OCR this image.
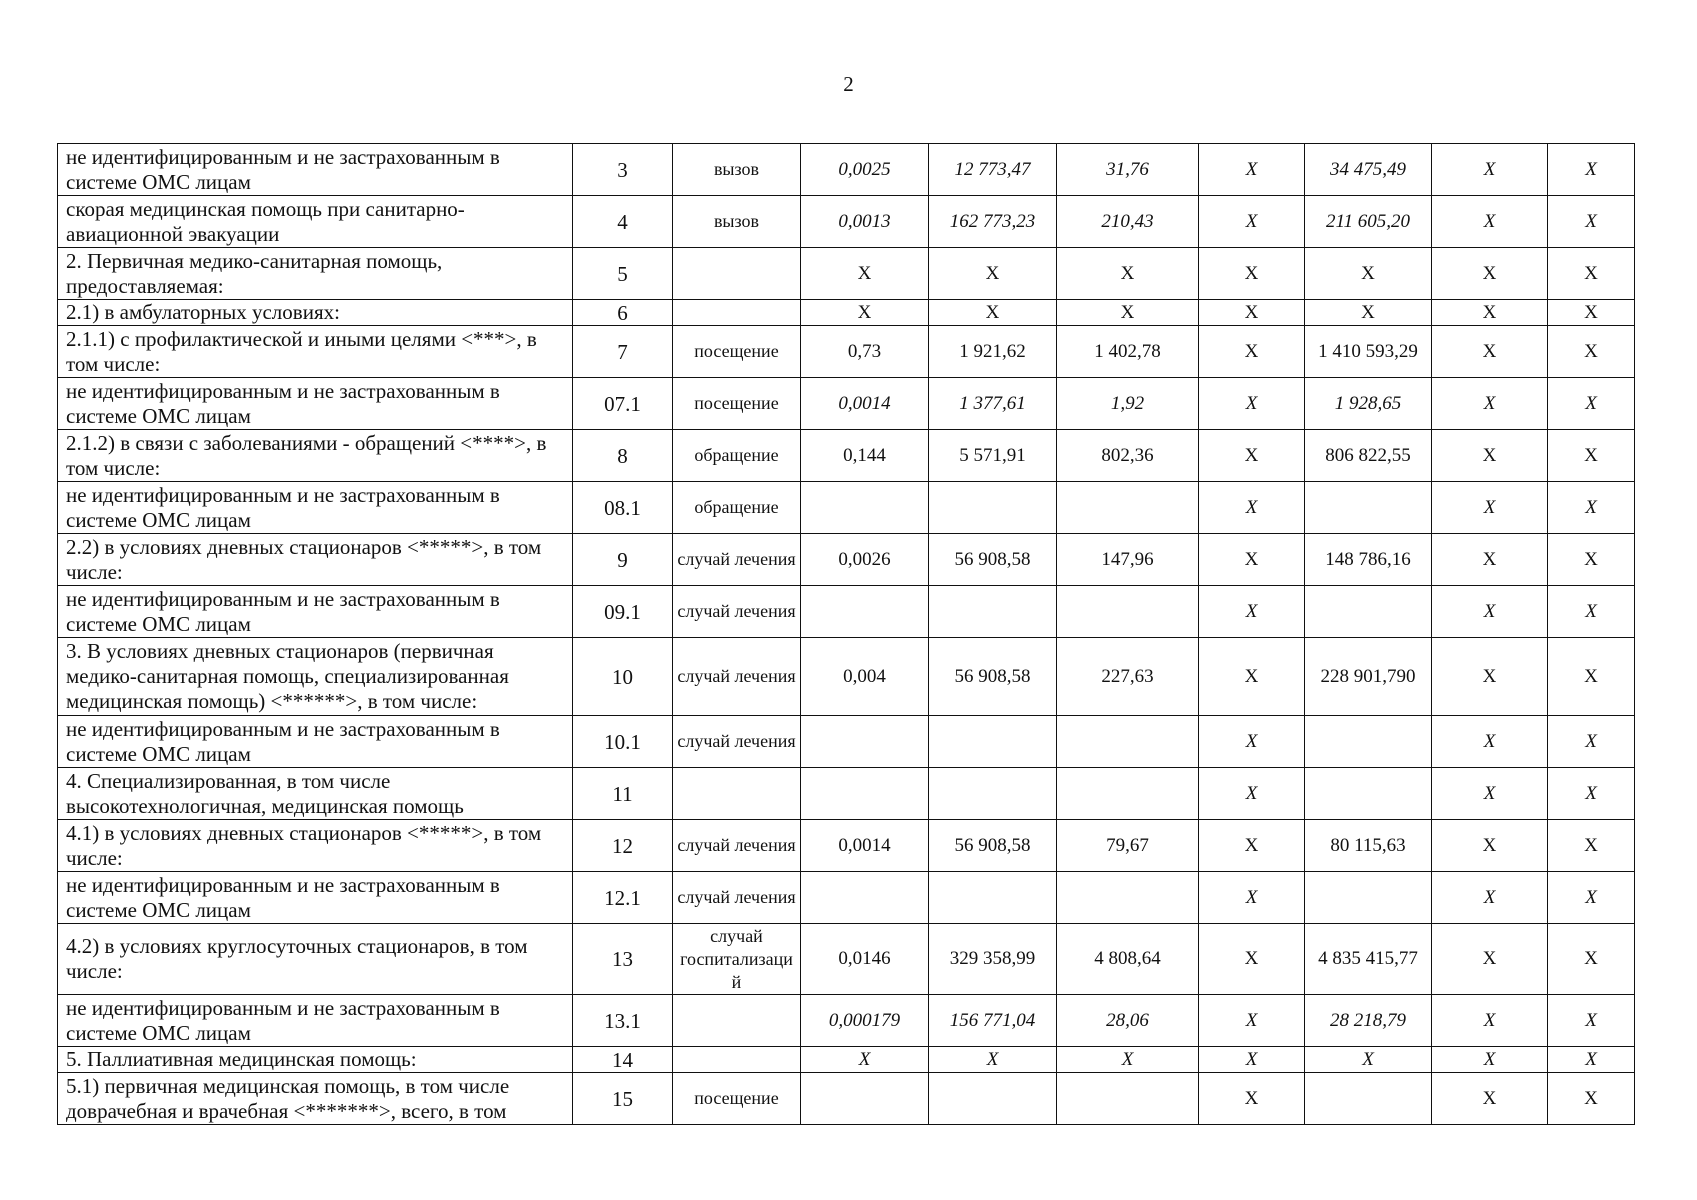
2
не идентифицированным и не застрахованным в системе ОМС лицам	3	вызов	0,0025	12 773,47	31,76	X	34 475,49	X	X
скорая медицинская помощь при санитарно-авиационной эвакуации	4	вызов	0,0013	162 773,23	210,43	X	211 605,20	X	X
2. Первичная медико-санитарная помощь, предоставляемая:	5		X	X	X	X	X	X	X
2.1) в амбулаторных условиях:	6		X	X	X	X	X	X	X
2.1.1) с профилактической и иными целями <***>, в том числе:	7	посещение	0,73	1 921,62	1 402,78	X	1 410 593,29	X	X
не идентифицированным и не застрахованным в системе ОМС лицам	07.1	посещение	0,0014	1 377,61	1,92	X	1 928,65	X	X
2.1.2) в связи с заболеваниями - обращений <****>, в том числе:	8	обращение	0,144	5 571,91	802,36	X	806 822,55	X	X
не идентифицированным и не застрахованным в системе ОМС лицам	08.1	обращение				X		X	X
2.2) в условиях дневных стационаров <*****>, в том числе:	9	случай лечения	0,0026	56 908,58	147,96	X	148 786,16	X	X
не идентифицированным и не застрахованным в системе ОМС лицам	09.1	случай лечения				X		X	X
3. В условиях дневных стационаров (первичная медико-санитарная помощь, специализированная медицинская помощь) <******>, в том числе:	10	случай лечения	0,004	56 908,58	227,63	X	228 901,790	X	X
не идентифицированным и не застрахованным в системе ОМС лицам	10.1	случай лечения				X		X	X
4. Специализированная, в том числе высокотехнологичная, медицинская помощь	11					X		X	X
4.1) в условиях дневных стационаров <*****>, в том числе:	12	случай лечения	0,0014	56 908,58	79,67	X	80 115,63	X	X
не идентифицированным и не застрахованным в системе ОМС лицам	12.1	случай лечения				X		X	X
4.2) в условиях круглосуточных стационаров, в том числе:	13	случай госпитализаци й	0,0146	329 358,99	4 808,64	X	4 835 415,77	X	X
не идентифицированным и не застрахованным в системе ОМС лицам	13.1		0,000179	156 771,04	28,06	X	28 218,79	X	X
5. Паллиативная медицинская помощь:	14		X	X	X	X	X	X	X
5.1) первичная медицинская помощь, в том числе доврачебная и врачебная <*******>, всего, в том	15	посещение				X		X	X
